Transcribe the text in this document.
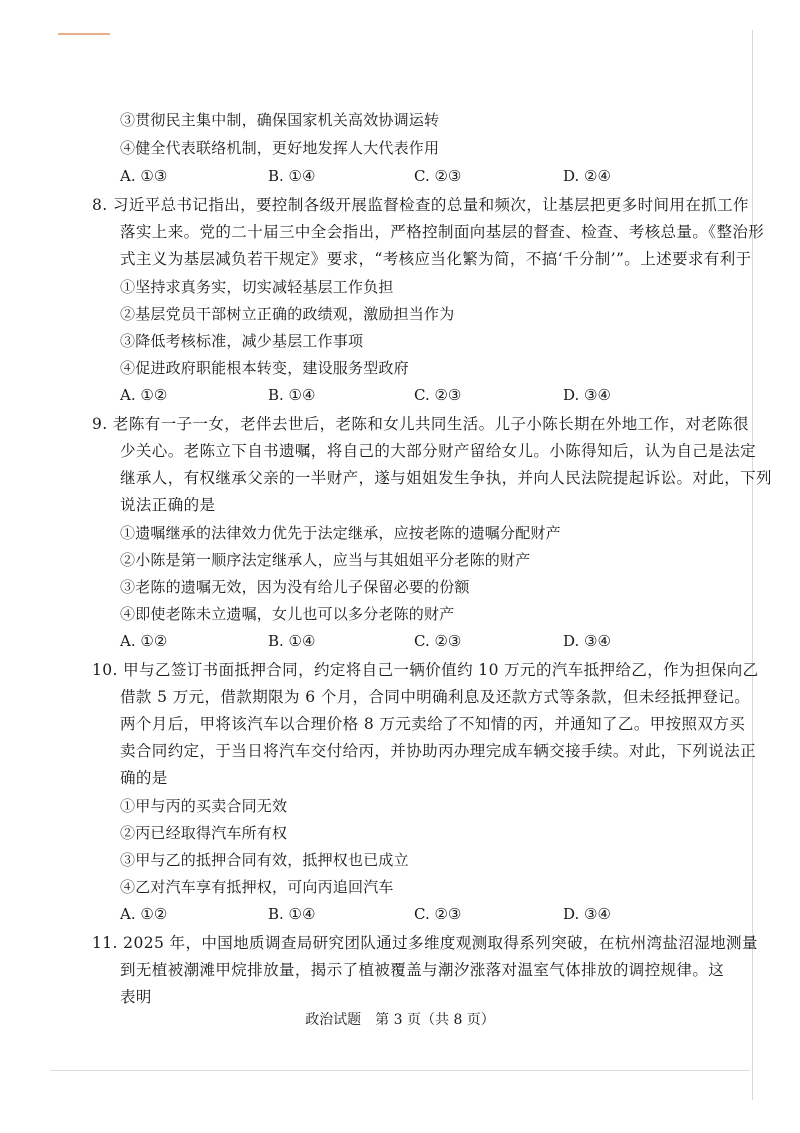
③贯彻民主集中制，确保国家机关高效协调运转
④健全代表联络机制，更好地发挥人大代表作用
A. ①③	B. ①④	C. ②③	D. ②④
8. 习近平总书记指出，要控制各级开展监督检查的总量和频次，让基层把更多时间用在抓工作
落实上来。党的二十届三中全会指出，严格控制面向基层的督查、检查、考核总量。《整治形
式主义为基层减负若干规定》要求，“考核应当化繁为简，不搞‘千分制’”。上述要求有利于
①坚持求真务实，切实减轻基层工作负担
②基层党员干部树立正确的政绩观，激励担当作为
③降低考核标准，减少基层工作事项
④促进政府职能根本转变，建设服务型政府
A. ①②	B. ①④	C. ②③	D. ③④
9. 老陈有一子一女，老伴去世后，老陈和女儿共同生活。儿子小陈长期在外地工作，对老陈很
少关心。老陈立下自书遗嘱，将自己的大部分财产留给女儿。小陈得知后，认为自己是法定
继承人，有权继承父亲的一半财产，遂与姐姐发生争执，并向人民法院提起诉讼。对此，下列
说法正确的是
①遗嘱继承的法律效力优先于法定继承，应按老陈的遗嘱分配财产
②小陈是第一顺序法定继承人，应当与其姐姐平分老陈的财产
③老陈的遗嘱无效，因为没有给儿子保留必要的份额
④即使老陈未立遗嘱，女儿也可以多分老陈的财产
A. ①②	B. ①④	C. ②③	D. ③④
10. 甲与乙签订书面抵押合同，约定将自己一辆价值约 10 万元的汽车抵押给乙，作为担保向乙
借款 5 万元，借款期限为 6 个月，合同中明确利息及还款方式等条款，但未经抵押登记。
两个月后，甲将该汽车以合理价格 8 万元卖给了不知情的丙，并通知了乙。甲按照双方买
卖合同约定，于当日将汽车交付给丙，并协助丙办理完成车辆交接手续。对此，下列说法正
确的是
①甲与丙的买卖合同无效
②丙已经取得汽车所有权
③甲与乙的抵押合同有效，抵押权也已成立
④乙对汽车享有抵押权，可向丙追回汽车
A. ①②	B. ①④	C. ②③	D. ③④
11. 2025 年，中国地质调查局研究团队通过多维度观测取得系列突破，在杭州湾盐沼湿地测量
到无植被潮滩甲烷排放量，揭示了植被覆盖与潮汐涨落对温室气体排放的调控规律。这
表明
政治试题　第 3 页（共 8 页）
